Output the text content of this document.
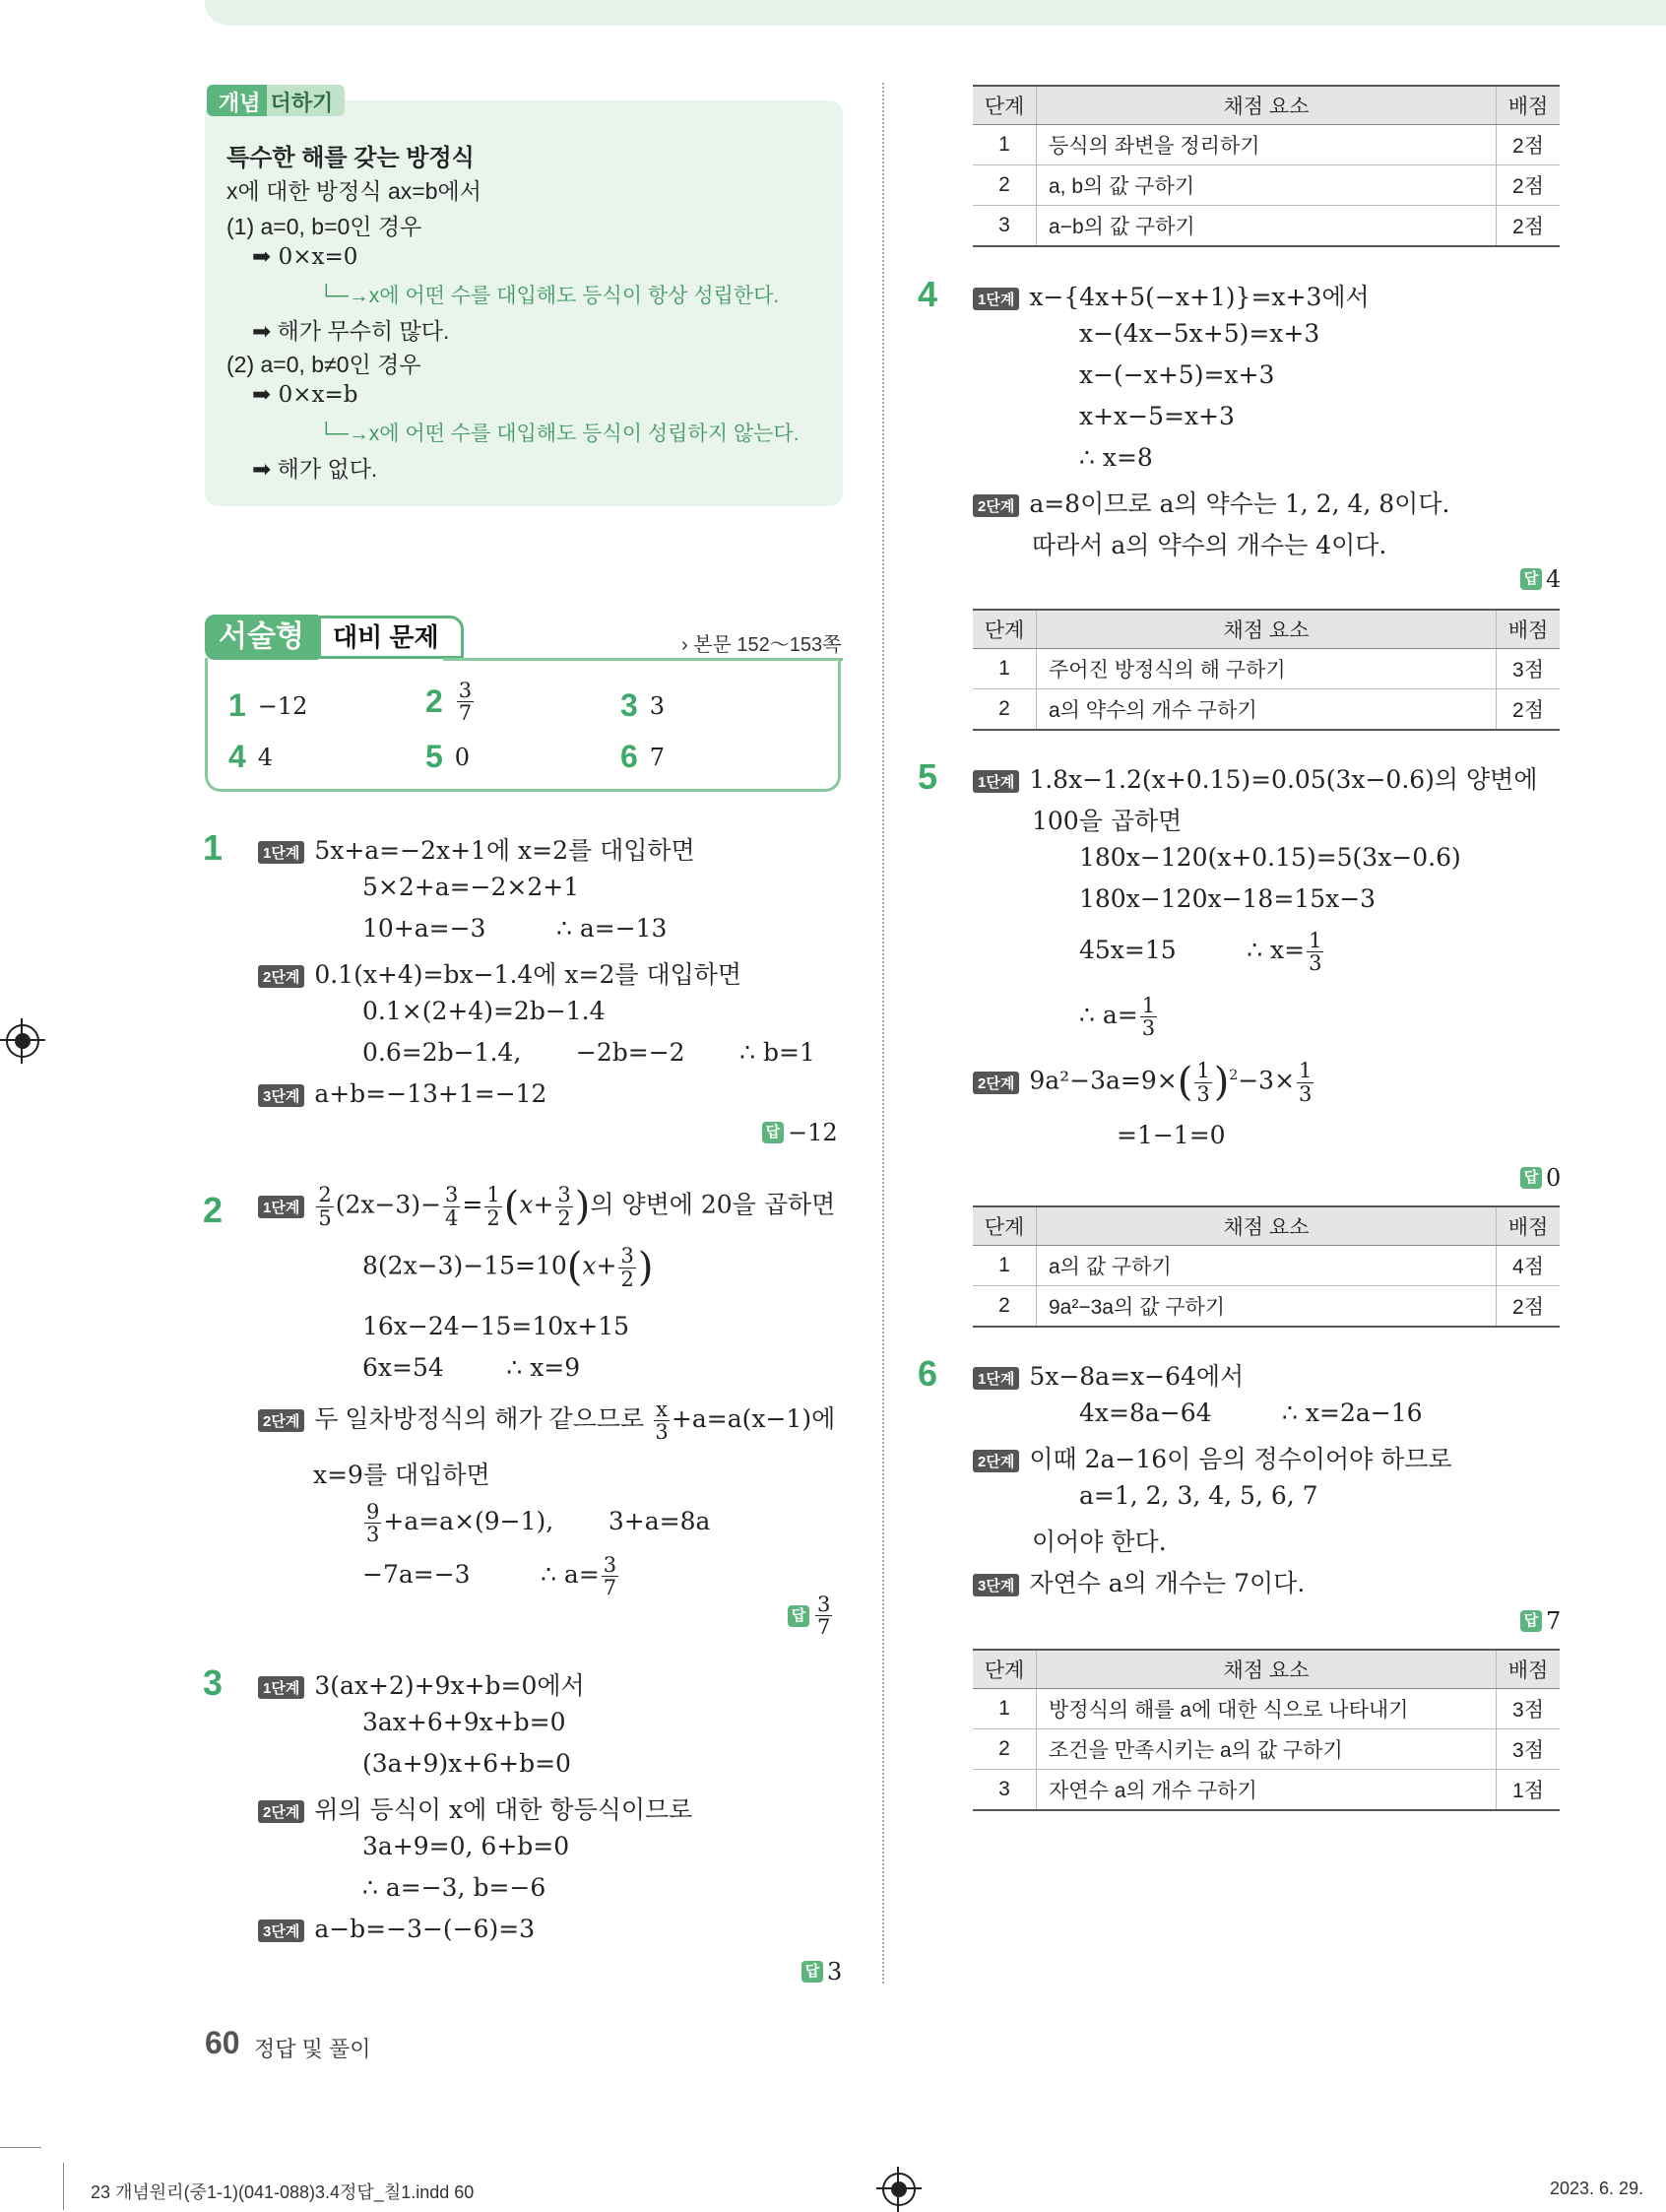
개념 더하기
특수한 해를 갖는 방정식
x에 대한 방정식 ax=b에서
(1) a=0, b=0인 경우
➡ 0×x=0
└─→x에 어떤 수를 대입해도 등식이 항상 성립한다.
➡ 해가 무수히 많다.
(2) a=0, b≠0인 경우
➡ 0×x=b
└─→x에 어떤 수를 대입해도 등식이 성립하지 않는다.
➡ 해가 없다.
서술형	대비 문제	› 본문 152～153쪽
1 −12	$2 \frac{3}{7}$	3 3
4 4	5 0	6 7
1	1단계 5x+a=−2x+1에 x=2를 대입하면
5×2+a=−2×2+1
10+a=−3         ∴ a=−13
2단계 0.1(x+4)=bx−1.4에 x=2를 대입하면
0.1×(2+4)=2b−1.4
0.6=2b−1.4,       −2b=−2       ∴ b=1
3단계 a+b=−13+1=−12
답 −12
2	1단계 $\frac{2}{5} (2x-3)- \frac{3}{4} = \frac{1}{2} (x+ \frac{3}{2}$ )의 양변에 20을 곱하면
$8(2x-3)-15=10(x+ \frac{3}{2}$ )
16x−24−15=10x+15
6x=54        ∴ x=9
2단계 두 일차방정식의 해가 같으므로 $\frac{x}{3} +a=a(x-1)$에
x=9를 대입하면
$\frac{9}{3} +a=a\times(9-1)$,       3+a=8a
−7a=−3         ∴ $a= \frac{3}{7}$
답 $\frac{3}{7}$
3	1단계 3(ax+2)+9x+b=0에서
3ax+6+9x+b=0
(3a+9)x+6+b=0
2단계 위의 등식이 x에 대한 항등식이므로
3a+9=0, 6+b=0
∴ a=−3, b=−6
3단계 a−b=−3−(−6)=3
답 3
단계	채점 요소	배점
1	등식의 좌변을 정리하기	2점
2	a, b의 값 구하기	2점
3	a−b의 값 구하기	2점
4	1단계 x−{4x+5(−x+1)}=x+3에서
x−(4x−5x+5)=x+3
x−(−x+5)=x+3
x+x−5=x+3
∴ x=8
2단계 a=8이므로 a의 약수는 1, 2, 4, 8이다.
따라서 a의 약수의 개수는 4이다.
답 4
단계	채점 요소	배점
1	주어진 방정식의 해 구하기	3점
2	a의 약수의 개수 구하기	2점
5	1단계 1.8x−1.2(x+0.15)=0.05(3x−0.6)의 양변에
100을 곱하면
180x−120(x+0.15)=5(3x−0.6)
180x−120x−18=15x−3
45x=15         ∴ $x= \frac{1}{3}$
∴ $a= \frac{1}{3}$
2단계 $9a^2-3a=9\times( \frac{1}{3} )^2-3\times \frac{1}{3}$
=1−1=0
답 0
단계	채점 요소	배점
1	a의 값 구하기	4점
2	9a²−3a의 값 구하기	2점
6	1단계 5x−8a=x−64에서
4x=8a−64         ∴ x=2a−16
2단계 이때 2a−16이 음의 정수이어야 하므로
a=1, 2, 3, 4, 5, 6, 7
이어야 한다.
3단계 자연수 a의 개수는 7이다.
답 7
단계	채점 요소	배점
1	방정식의 해를 a에 대한 식으로 나타내기	3점
2	조건을 만족시키는 a의 값 구하기	3점
3	자연수 a의 개수 구하기	1점
60 정답 및 풀이
23 개념원리(중1-1)(041-088)3.4정답_칠1.indd 60	2023. 6. 29.
